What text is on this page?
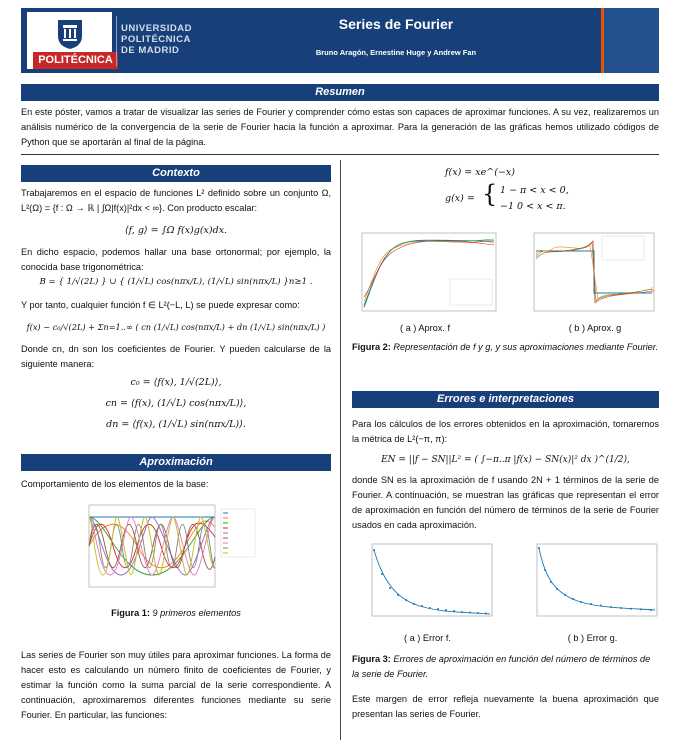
POLITÉCNICA
UNIVERSIDAD
POLITÉCNICA
DE MADRID
Series de Fourier
Bruno Aragón, Ernestine Huge y Andrew Fan
Resumen
En este póster, vamos a tratar de visualizar las series de Fourier y comprender cómo estas son capaces de aproximar funciones. A su vez, realizaremos un análisis numérico de la convergencia de la serie de Fourier hacia la función a aproximar. Para la generación de las gráficas hemos utilizado códigos de Python que se aportarán al final de la página.
Contexto
Trabajaremos en el espacio de funciones L² definido sobre un conjunto Ω, L²(Ω) = {f : Ω → ℝ | ∫Ω|f(x)|²dx < ∞}. Con producto escalar:
⟨f, g⟩ = ∫Ω f(x)g(x)dx.
En dicho espacio, podemos hallar una base ortonormal; por ejemplo, la conocida base trigonométrica:
B = { 1/√(2L) } ∪ { (1/√L) cos(nπx/L), (1/√L) sin(nπx/L) }n≥1 .
Y por tanto, cualquier función f ∈ L²(−L, L) se puede expresar como:
f(x) ~ c₀/√(2L) + Σn=1..∞ ( cn (1/√L) cos(nπx/L) + dn (1/√L) sin(nπx/L) )
Donde cn, dn son los coeficientes de Fourier. Y pueden calcularse de la siguiente manera:
c₀ = ⟨f(x), 1/√(2L)⟩,
cn = ⟨f(x), (1/√L) cos(nπx/L)⟩,
dn = ⟨f(x), (1/√L) sin(nπx/L)⟩.
Aproximación
Comportamiento de los elementos de la base:
Figura 1: 9 primeros elementos
Las series de Fourier son muy útiles para aproximar funciones. La forma de hacer esto es calculando un número finito de coeficientes de Fourier, y estimar la función como la suma parcial de la serie correspondiente. A continuación, aproximaremos diferentes funciones mediante su serie Fourier. En particular, las funciones:
f(x) = xe^(−x)
g(x) = { 1 − π < x < 0,
−1 0 < x < π.
( a ) Aprox. f	( b ) Aprox. g
Figura 2: Representación de f y g, y sus aproximaciones mediante Fourier.
Errores e interpretaciones
Para los cálculos de los errores obtenidos en la aproximación, tomaremos la métrica de L²(−π, π):
EN = ||f − SN||L² = ( ∫−π..π |f(x) − SN(x)|² dx )^(1/2),
donde SN es la aproximación de f usando 2N + 1 términos de la serie de Fourier. A continuación, se muestran las gráficas que representan el error de aproximación en función del número de términos de la serie de Fourier usados en cada aproximación.
( a ) Error f.	( b ) Error g.
Figura 3: Errores de aproximación en función del número de términos de la serie de Fourier.
Este margen de error refleja nuevamente la buena aproximación que presentan las series de Fourier.
